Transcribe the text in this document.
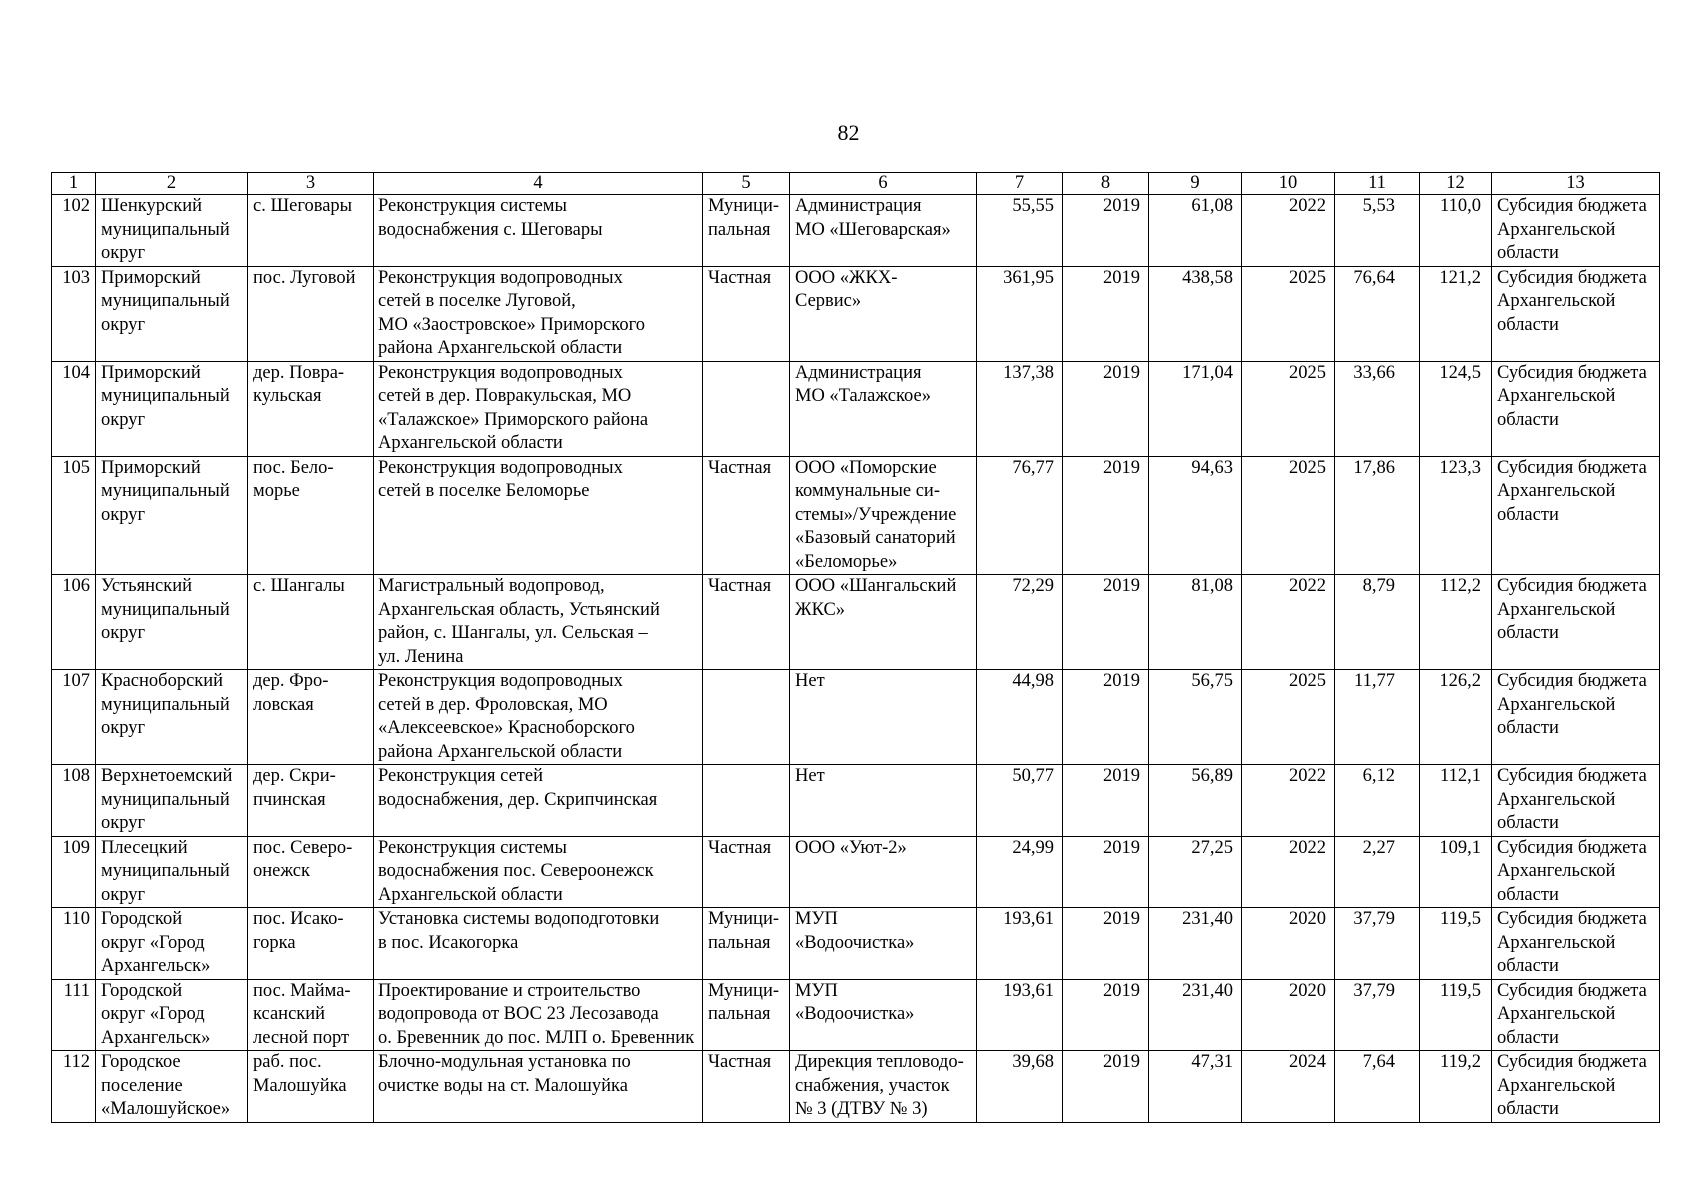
82
1	2	3	4	5	6	7	8	9	10	11	12	13
102	Шенкурский
муниципальный
округ	с. Шеговары	Реконструкция системы
водоснабжения с. Шеговары	Муници-
пальная	Администрация
МО «Шеговарская»	55,55	2019	61,08	2022	5,53	110,0	Субсидия бюджета
Архангельской
области
103	Приморский
муниципальный
округ	пос. Луговой	Реконструкция водопроводных
сетей в поселке Луговой,
МО «Заостровское» Приморского
района Архангельской области	Частная	ООО «ЖКХ-
Сервис»	361,95	2019	438,58	2025	76,64	121,2	Субсидия бюджета
Архангельской
области
104	Приморский
муниципальный
округ	дер. Повра-
кульская	Реконструкция водопроводных
сетей в дер. Повракульская, МО
«Талажское» Приморского района
Архангельской области		Администрация
МО «Талажское»	137,38	2019	171,04	2025	33,66	124,5	Субсидия бюджета
Архангельской
области
105	Приморский
муниципальный
округ	пос. Бело-
морье	Реконструкция водопроводных
сетей в поселке Беломорье	Частная	ООО «Поморские
коммунальные си-
стемы»/Учреждение
«Базовый санаторий
«Беломорье»	76,77	2019	94,63	2025	17,86	123,3	Субсидия бюджета
Архангельской
области
106	Устьянский
муниципальный
округ	с. Шангалы	Магистральный водопровод,
Архангельская область, Устьянский
район, с. Шангалы, ул. Сельская –
ул. Ленина	Частная	ООО «Шангальский
ЖКС»	72,29	2019	81,08	2022	8,79	112,2	Субсидия бюджета
Архангельской
области
107	Красноборский
муниципальный
округ	дер. Фро-
ловская	Реконструкция водопроводных
сетей в дер. Фроловская, МО
«Алексеевское» Красноборского
района Архангельской области		Нет	44,98	2019	56,75	2025	11,77	126,2	Субсидия бюджета
Архангельской
области
108	Верхнетоемский
муниципальный
округ	дер. Скри-
пчинская	Реконструкция сетей
водоснабжения, дер. Скрипчинская		Нет	50,77	2019	56,89	2022	6,12	112,1	Субсидия бюджета
Архангельской
области
109	Плесецкий
муниципальный
округ	пос. Северо-
онежск	Реконструкция системы
водоснабжения пос. Североонежск
Архангельской области	Частная	ООО «Уют-2»	24,99	2019	27,25	2022	2,27	109,1	Субсидия бюджета
Архангельской
области
110	Городской
округ «Город
Архангельск»	пос. Исако-
горка	Установка системы водоподготовки
в пос. Исакогорка	Муници-
пальная	МУП
«Водоочистка»	193,61	2019	231,40	2020	37,79	119,5	Субсидия бюджета
Архангельской
области
111	Городской
округ «Город
Архангельск»	пос. Майма-
ксанский
лесной порт	Проектирование и строительство
водопровода от ВОС 23 Лесозавода
о. Бревенник до пос. МЛП о. Бревенник	Муници-
пальная	МУП
«Водоочистка»	193,61	2019	231,40	2020	37,79	119,5	Субсидия бюджета
Архангельской
области
112	Городское
поселение
«Малошуйское»	раб. пос.
Малошуйка	Блочно-модульная установка по
очистке воды на ст. Малошуйка	Частная	Дирекция тепловодо-
снабжения, участок
№ 3 (ДТВУ № 3)	39,68	2019	47,31	2024	7,64	119,2	Субсидия бюджета
Архангельской
области
